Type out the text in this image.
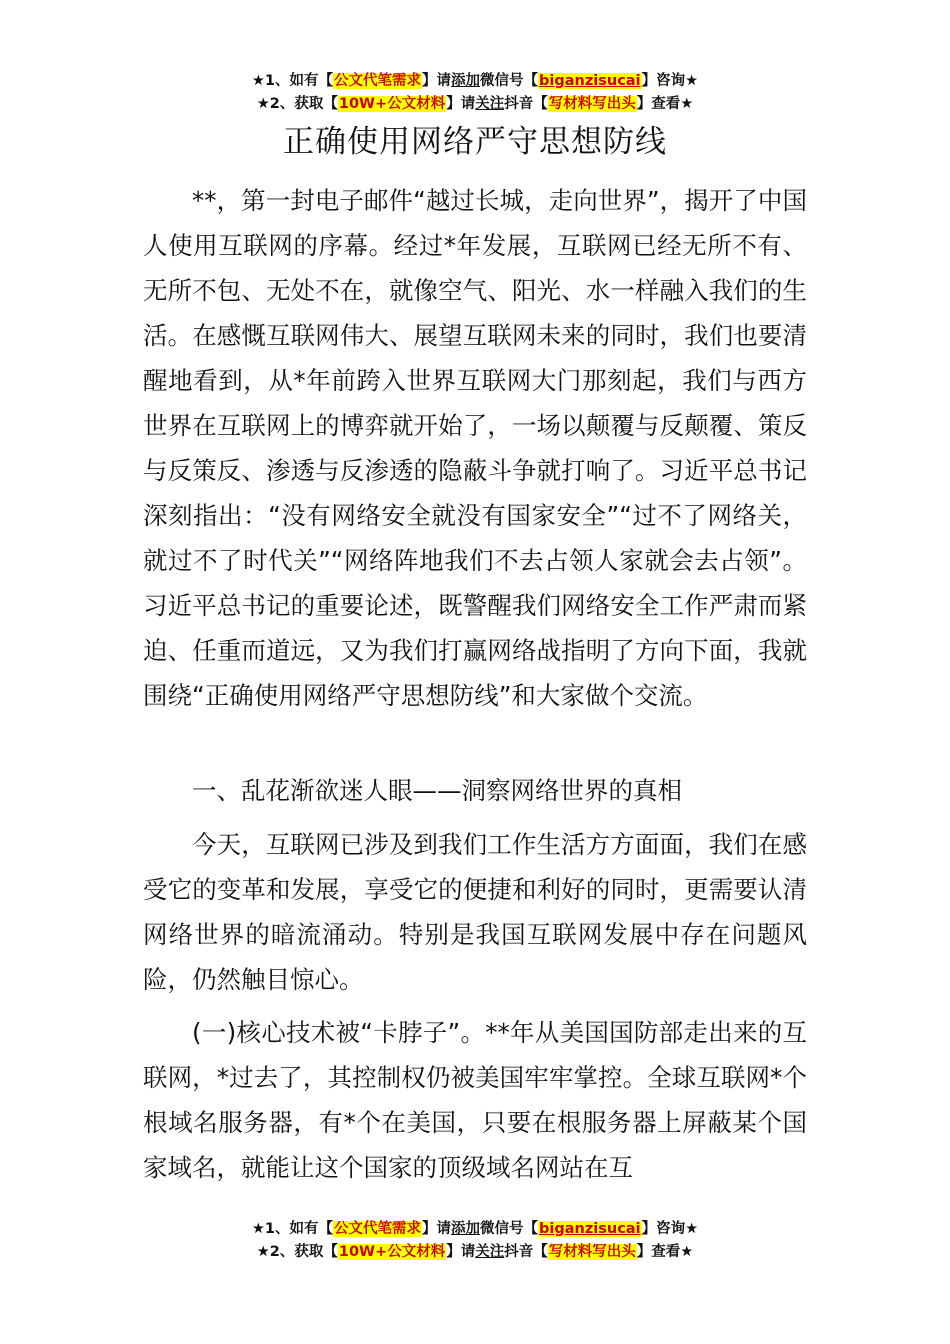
★1、如有【公文代笔需求】请添加微信号【biganzisucai】咨询★
★2、获取【10W+公文材料】请关注抖音【写材料写出头】查看★
正确使用网络严守思想防线

**，第一封电子邮件“越过长城，走向世界”，揭开了中国人使用互联网的序幕。经过*年发展，互联网已经无所不有、无所不包、无处不在，就像空气、阳光、水一样融入我们的生活。在感慨互联网伟大、展望互联网未来的同时，我们也要清醒地看到，从*年前跨入世界互联网大门那刻起，我们与西方世界在互联网上的博弈就开始了，一场以颠覆与反颠覆、策反与反策反、渗透与反渗透的隐蔽斗争就打响了。习近平总书记深刻指出：“没有网络安全就没有国家安全”“过不了网络关，就过不了时代关”“网络阵地我们不去占领人家就会去占领”。习近平总书记的重要论述，既警醒我们网络安全工作严肃而紧迫、任重而道远，又为我们打赢网络战指明了方向下面，我就围绕“正确使用网络严守思想防线”和大家做个交流。

一、乱花渐欲迷人眼——洞察网络世界的真相

今天，互联网已涉及到我们工作生活方方面面，我们在感受它的变革和发展，享受它的便捷和利好的同时，更需要认清网络世界的暗流涌动。特别是我国互联网发展中存在问题风险，仍然触目惊心。

(一)核心技术被“卡脖子”。**年从美国国防部走出来的互联网，*过去了，其控制权仍被美国牢牢掌控。全球互联网*个根域名服务器，有*个在美国，只要在根服务器上屏蔽某个国家域名，就能让这个国家的顶级域名网站在互

★1、如有【公文代笔需求】请添加微信号【biganzisucai】咨询★
★2、获取【10W+公文材料】请关注抖音【写材料写出头】查看★
